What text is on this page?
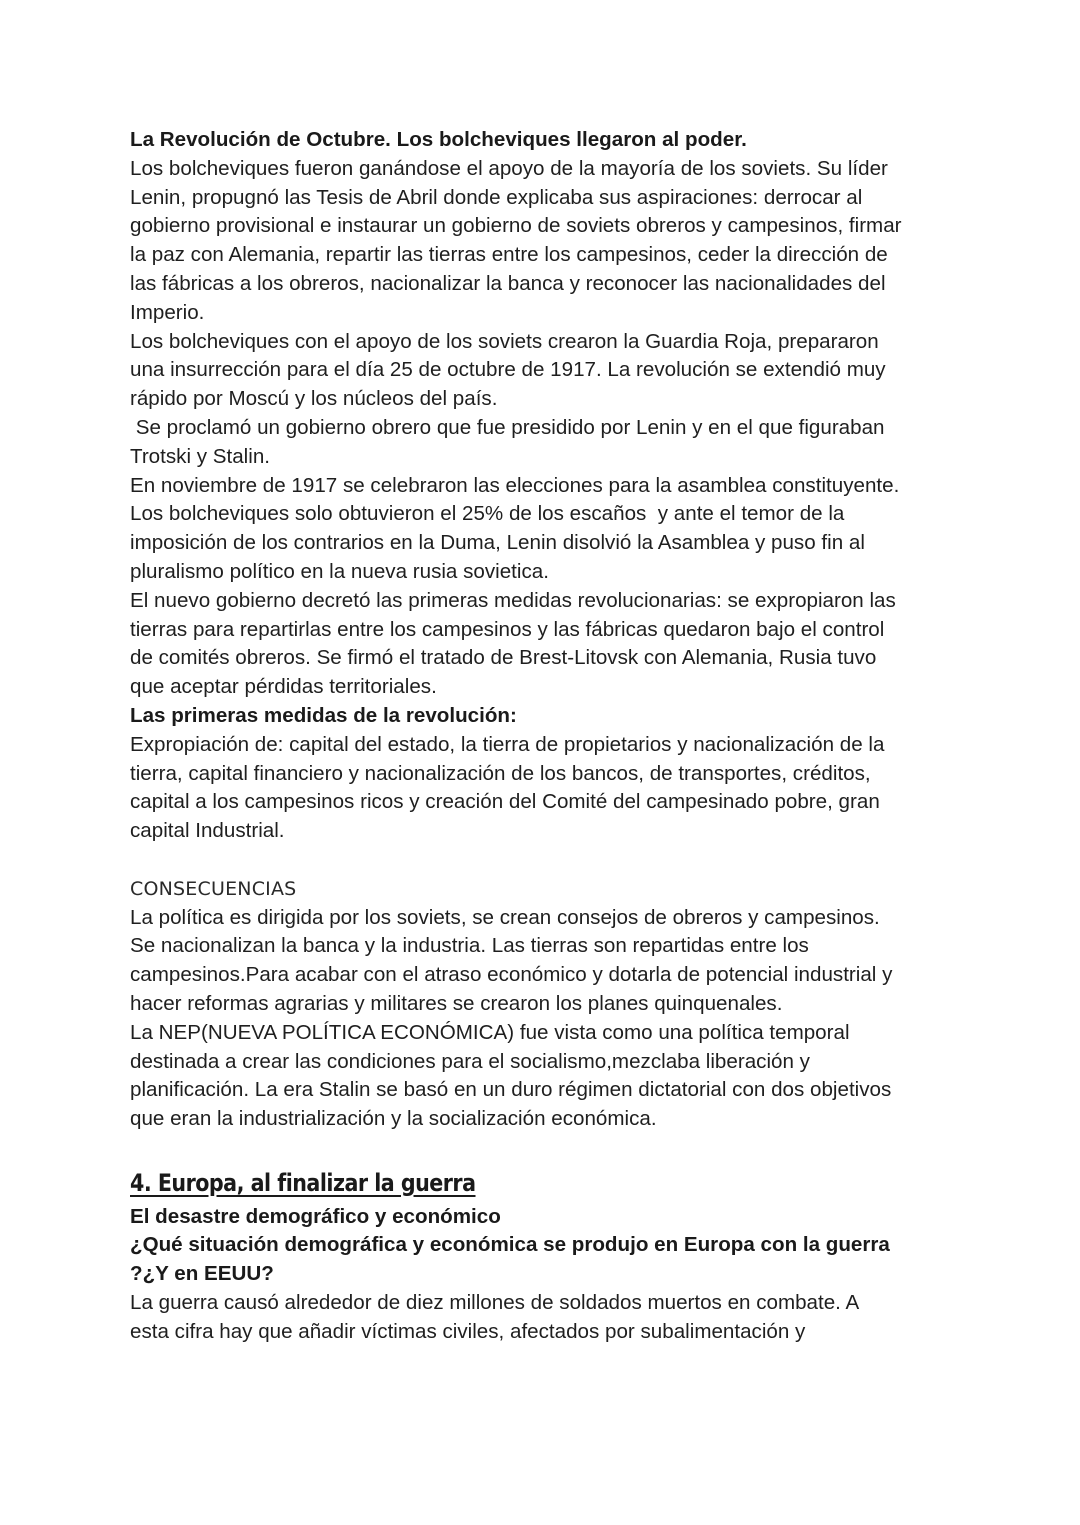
La Revolución de Octubre. Los bolcheviques llegaron al poder.

Los bolcheviques fueron ganándose el apoyo de la mayoría de los soviets. Su líder
Lenin, propugnó las Tesis de Abril donde explicaba sus aspiraciones: derrocar al
gobierno provisional e instaurar un gobierno de soviets obreros y campesinos, firmar
la paz con Alemania, repartir las tierras entre los campesinos, ceder la dirección de
las fábricas a los obreros, nacionalizar la banca y reconocer las nacionalidades del
Imperio.

Los bolcheviques con el apoyo de los soviets crearon la Guardia Roja, prepararon
una insurrección para el día 25 de octubre de 1917. La revolución se extendió muy
rápido por Moscú y los núcleos del país.

Se proclamó un gobierno obrero que fue presidido por Lenin y en el que figuraban
Trotski y Stalin.

En noviembre de 1917 se celebraron las elecciones para la asamblea constituyente.
Los bolcheviques solo obtuvieron el 25% de los escaños  y ante el temor de la
imposición de los contrarios en la Duma, Lenin disolvió la Asamblea y puso fin al
pluralismo político en la nueva rusia sovietica.

El nuevo gobierno decretó las primeras medidas revolucionarias: se expropiaron las
tierras para repartirlas entre los campesinos y las fábricas quedaron bajo el control
de comités obreros. Se firmó el tratado de Brest-Litovsk con Alemania, Rusia tuvo
que aceptar pérdidas territoriales.

Las primeras medidas de la revolución:

Expropiación de: capital del estado, la tierra de propietarios y nacionalización de la
tierra, capital financiero y nacionalización de los bancos, de transportes, créditos,
capital a los campesinos ricos y creación del Comité del campesinado pobre, gran
capital Industrial.

CONSECUENCIAS

La política es dirigida por los soviets, se crean consejos de obreros y campesinos.
Se nacionalizan la banca y la industria. Las tierras son repartidas entre los
campesinos.Para acabar con el atraso económico y dotarla de potencial industrial y
hacer reformas agrarias y militares se crearon los planes quinquenales.

La NEP(NUEVA POLÍTICA ECONÓMICA) fue vista como una política temporal
destinada a crear las condiciones para el socialismo,mezclaba liberación y
planificación. La era Stalin se basó en un duro régimen dictatorial con dos objetivos
que eran la industrialización y la socialización económica.

4. Europa, al finalizar la guerra

El desastre demográfico y económico

¿Qué situación demográfica y económica se produjo en Europa con la guerra
?¿Y en EEUU?

La guerra causó alrededor de diez millones de soldados muertos en combate. A
esta cifra hay que añadir víctimas civiles, afectados por subalimentación y
